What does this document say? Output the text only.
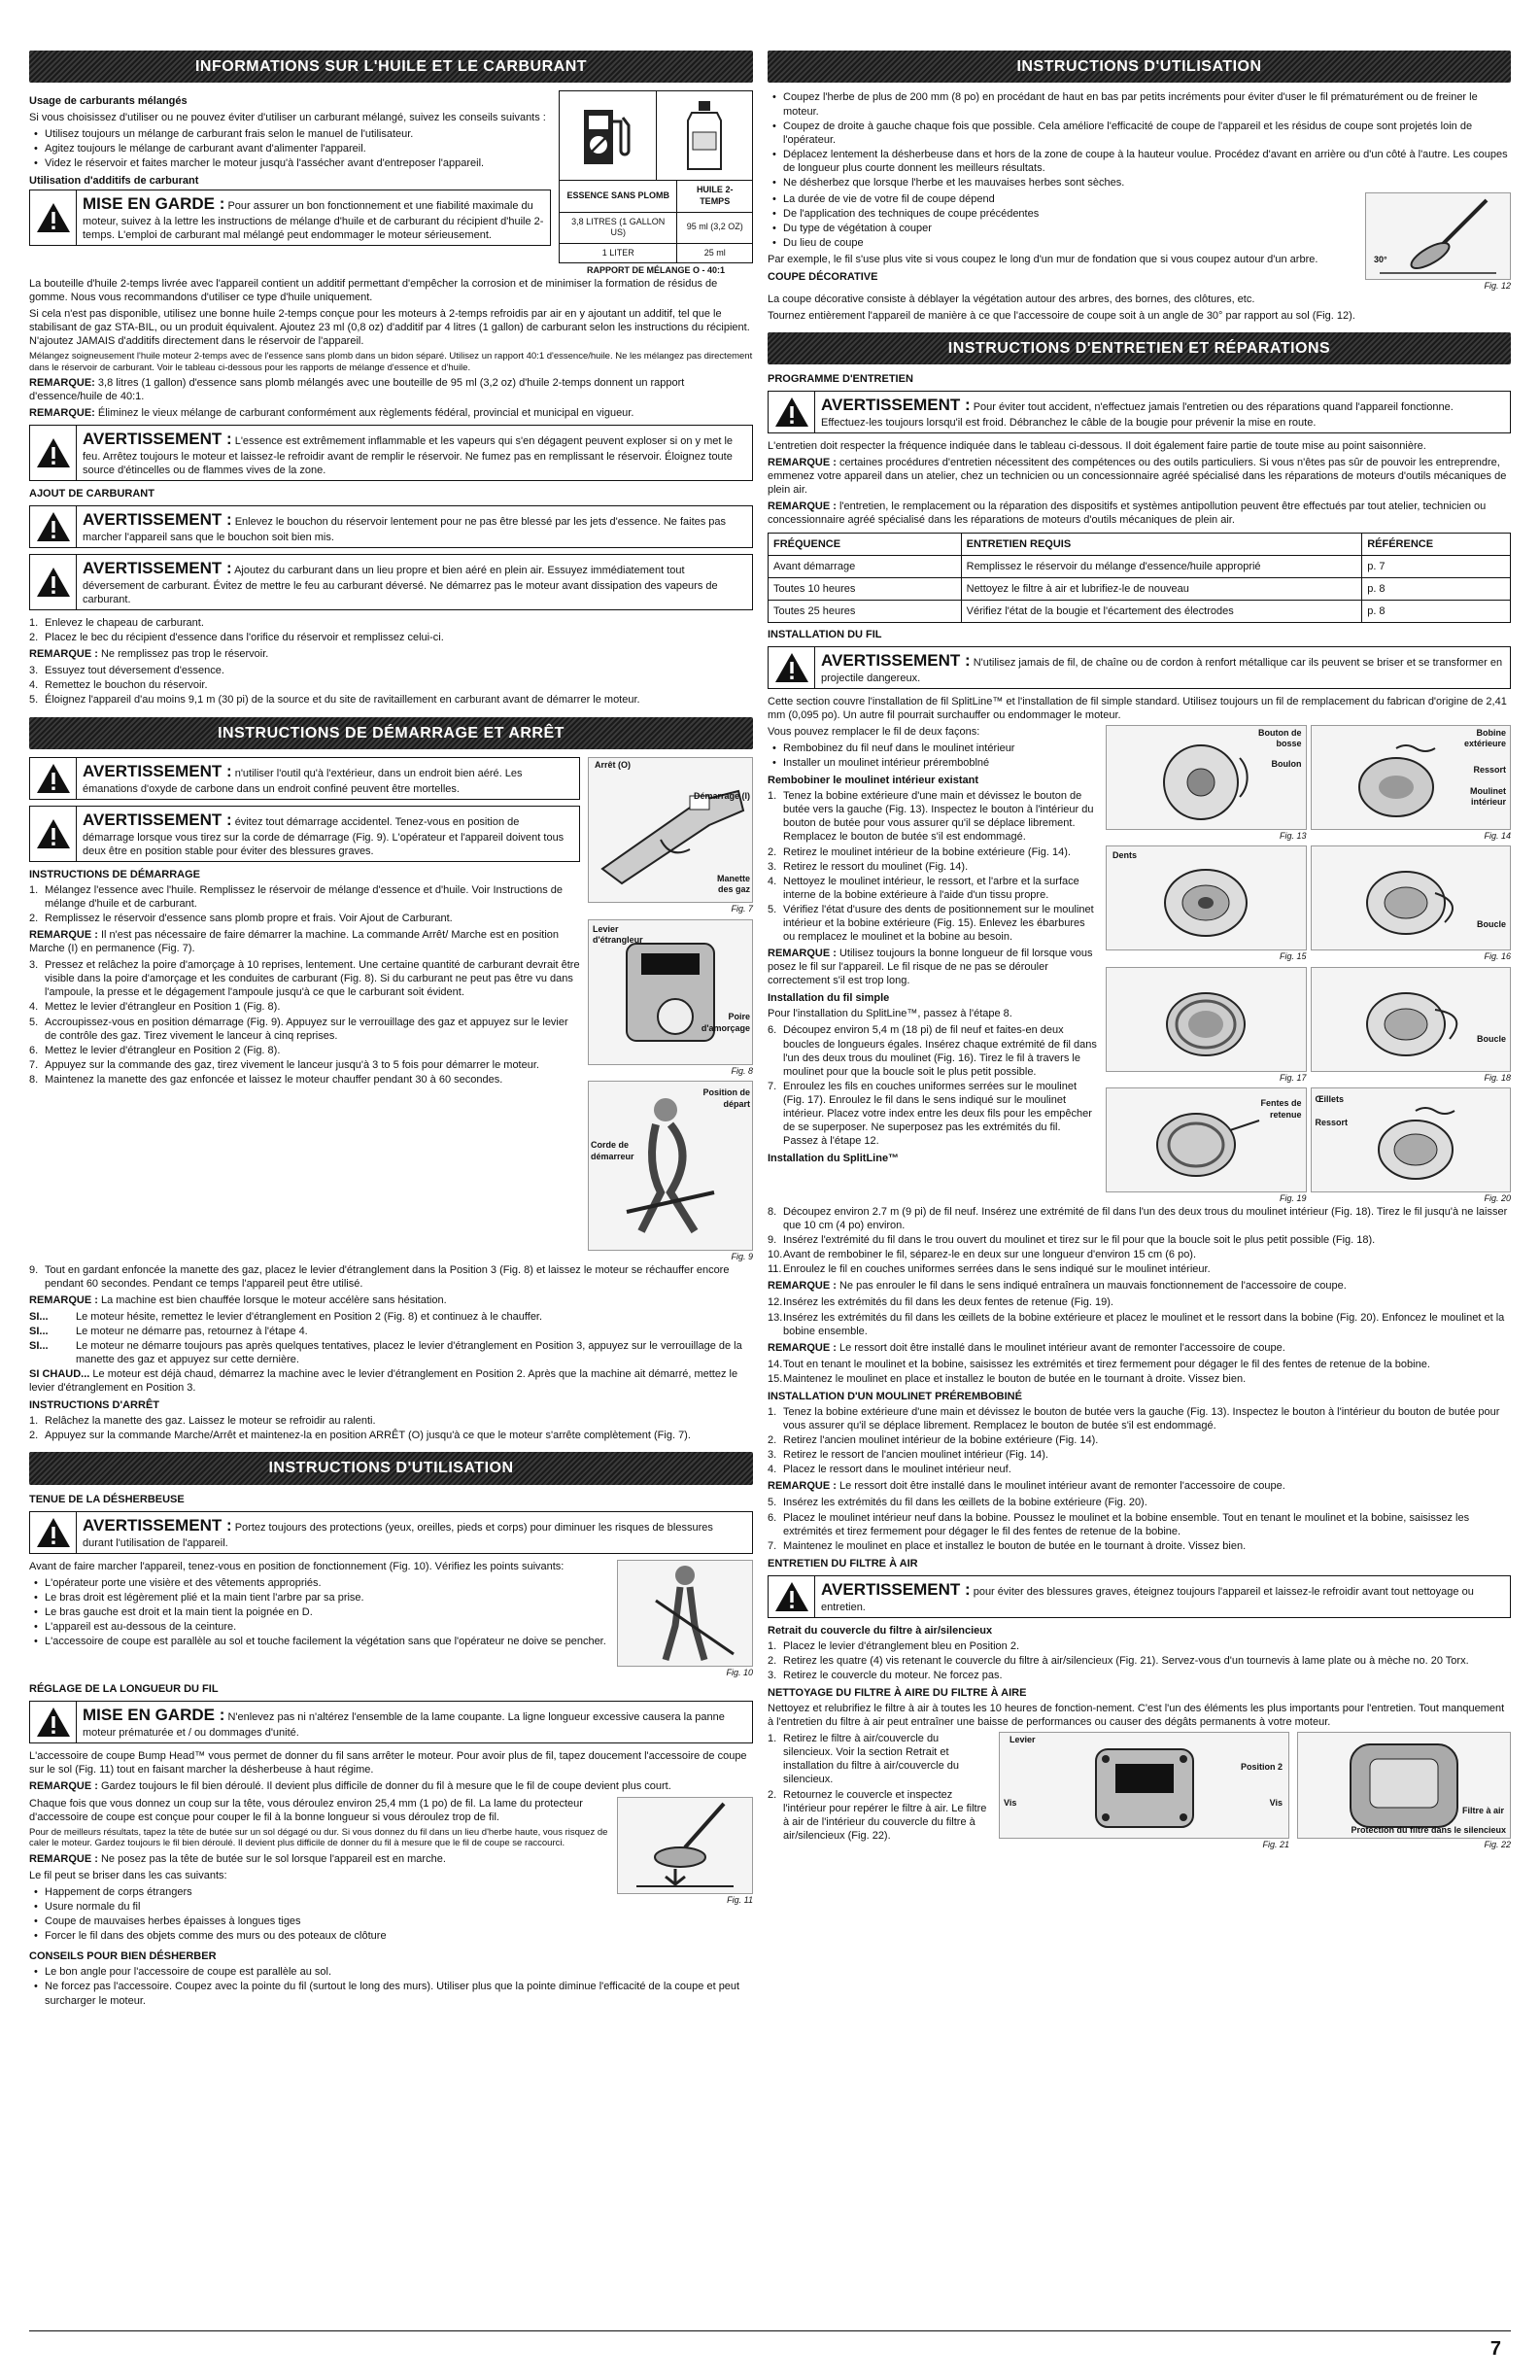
INFORMATIONS SUR L'HUILE ET LE CARBURANT
Usage de carburants mélangés

Si vous choisissez d'utiliser ou ne pouvez éviter d'utiliser un carburant mélangé, suivez les conseils suivants :

• Utilisez toujours un mélange de carburant frais selon le manuel de l'utilisateur.
• Agitez toujours le mélange de carburant avant d'alimenter l'appareil.
• Videz le réservoir et faites marcher le moteur jusqu'à l'assécher avant d'entreposer l'appareil.
Utilisation d'additifs de carburant
MISE EN GARDE : Pour assurer un bon fonctionnement et une fiabilité maximale du moteur, suivez à la lettre les instructions de mélange d'huile et de carburant du récipient d'huile 2-temps. L'emploi de carburant mal mélangé peut endommager le moteur sérieusement.
ESSENCE SANS PLOMB	HUILE 2-TEMPS
3,8 LITRES (1 GALLON US)	95 ml (3,2 OZ)
1 LITER	25 ml
RAPPORT DE MÉLANGE O - 40:1

La bouteille d'huile 2-temps livrée avec l'appareil contient un additif permettant d'empêcher la corrosion et de minimiser la formation de résidus de gomme. Nous vous recommandons d'utiliser ce type d'huile uniquement.

Si cela n'est pas disponible, utilisez une bonne huile 2-temps conçue pour les moteurs à 2-temps refroidis par air en y ajoutant un additif, tel que le stabilisant de gaz STA-BIL, ou un produit équivalent. Ajoutez 23 ml (0,8 oz) d'additif par 4 litres (1 gallon) de carburant selon les instructions du récipient. N'ajoutez JAMAIS d'additifs directement dans le réservoir de l'appareil.

Mélangez soigneusement l'huile moteur 2-temps avec de l'essence sans plomb dans un bidon séparé. Utilisez un rapport 40:1 d'essence/huile. Ne les mélangez pas directement dans le réservoir de carburant. Voir le tableau ci-dessous pour les rapports de mélange d'essence et d'huile.

REMARQUE: 3,8 litres (1 gallon) d'essence sans plomb mélangés avec une bouteille de 95 ml (3,2 oz) d'huile 2-temps donnent un rapport d'essence/huile de 40:1.

REMARQUE: Éliminez le vieux mélange de carburant conformément aux règlements fédéral, provincial et municipal en vigueur.

AVERTISSEMENT : L'essence est extrêmement inflammable et les vapeurs qui s'en dégagent peuvent exploser si on y met le feu. Arrêtez toujours le moteur et laissez-le refroidir avant de remplir le réservoir. Ne fumez pas en remplissant le réservoir. Éloignez toute source d'étincelles ou de flammes vives de la zone.
AJOUT DE CARBURANT
AVERTISSEMENT : Enlevez le bouchon du réservoir lentement pour ne pas être blessé par les jets d'essence. Ne faites pas marcher l'appareil sans que le bouchon soit bien mis.
AVERTISSEMENT : Ajoutez du carburant dans un lieu propre et bien aéré en plein air. Essuyez immédiatement tout déversement de carburant. Évitez de mettre le feu au carburant déversé. Ne démarrez pas le moteur avant dissipation des vapeurs de carburant.
1. Enlevez le chapeau de carburant.
2. Placez le bec du récipient d'essence dans l'orifice du réservoir et remplissez celui-ci.

REMARQUE : Ne remplissez pas trop le réservoir.

3. Essuyez tout déversement d'essence.
4. Remettez le bouchon du réservoir.
5. Éloignez l'appareil d'au moins 9,1 m (30 pi) de la source et du site de ravitaillement en carburant avant de démarrer le moteur.
INSTRUCTIONS DE DÉMARRAGE ET ARRÊT
AVERTISSEMENT : n'utiliser l'outil qu'à l'extérieur, dans un endroit bien aéré. Les émanations d'oxyde de carbone dans un endroit confiné peuvent être mortelles.
AVERTISSEMENT : évitez tout démarrage accidentel. Tenez-vous en position de démarrage lorsque vous tirez sur la corde de démarrage (Fig. 9). L'opérateur et l'appareil doivent tous deux être en position stable pour éviter des blessures graves.
INSTRUCTIONS DE DÉMARRAGE
1. Mélangez l'essence avec l'huile. Remplissez le réservoir de mélange d'essence et d'huile. Voir Instructions de mélange d'huile et de carburant.
2. Remplissez le réservoir d'essence sans plomb propre et frais. Voir Ajout de Carburant.

REMARQUE : Il n'est pas nécessaire de faire démarrer la machine. La commande Arrêt/ Marche est en position Marche (I) en permanence (Fig. 7).

3. Pressez et relâchez la poire d'amorçage à 10 reprises, lentement. Une certaine quantité de carburant devrait être visible dans la poire d'amorçage et les conduites de carburant (Fig. 8). Si du carburant ne peut pas être vu dans l'ampoule, la presse et le dégagement l'ampoule jusqu'à ce que le carburant soit évident.
4. Mettez le levier d'étrangleur en Position 1 (Fig. 8).
5. Accroupissez-vous en position démarrage (Fig. 9). Appuyez sur le verrouillage des gaz et appuyez sur le levier de contrôle des gaz. Tirez vivement le lanceur à cinq reprises.
6. Mettez le levier d'étrangleur en Position 2 (Fig. 8).
7. Appuyez sur la commande des gaz, tirez vivement le lanceur jusqu'à 3 to 5 fois pour démarrer le moteur.
8. Maintenez la manette des gaz enfoncée et laissez le moteur chauffer pendant 30 à 60 secondes.
Arrêt (O)
Démarrage (I)
Manette des gaz
Fig. 7
Levier d'étrangleur
Poire d'amorçage
Fig. 8
Position de départ
Corde de démarreur
Fig. 9
9. Tout en gardant enfoncée la manette des gaz, placez le levier d'étranglement dans la Position 3 (Fig. 8) et laissez le moteur se réchauffer encore pendant 60 secondes. Pendant ce temps l'appareil peut être utilisé.

REMARQUE : La machine est bien chauffée lorsque le moteur accélère sans hésitation.

SI...	Le moteur hésite, remettez le levier d'étranglement en Position 2 (Fig. 8) et continuez à le chauffer.
SI...	Le moteur ne démarre pas, retournez à l'étape 4.
SI...	Le moteur ne démarre toujours pas après quelques tentatives, placez le levier d'étranglement en Position 3, appuyez sur le verrouillage de la manette des gaz et appuyez sur cette dernière.

SI CHAUD... Le moteur est déjà chaud, démarrez la machine avec le levier d'étranglement en Position 2. Après que la machine ait démarré, mettez le levier d'étranglement en Position 3.

INSTRUCTIONS D'ARRÊT
1. Relâchez la manette des gaz. Laissez le moteur se refroidir au ralenti.
2. Appuyez sur la commande Marche/Arrêt et maintenez-la en position ARRÊT (O) jusqu'à ce que le moteur s'arrête complètement (Fig. 7).
INSTRUCTIONS D'UTILISATION
TENUE DE LA DÉSHERBEUSE
AVERTISSEMENT : Portez toujours des protections (yeux, oreilles, pieds et corps) pour diminuer les risques de blessures durant l'utilisation de l'appareil.

Avant de faire marcher l'appareil, tenez-vous en position de fonctionnement (Fig. 10). Vérifiez les points suivants:

• L'opérateur porte une visière et des vêtements appropriés.
• Le bras droit est légèrement plié et la main tient l'arbre par sa prise.
• Le bras gauche est droit et la main tient la poignée en D.
• L'appareil est au-dessous de la ceinture.
• L'accessoire de coupe est parallèle au sol et touche facilement la végétation sans que l'opérateur ne doive se pencher.
Fig. 10
RÉGLAGE DE LA LONGUEUR DU FIL
MISE EN GARDE : N'enlevez pas ni n'altérez l'ensemble de la lame coupante. La ligne longueur excessive causera la panne moteur prématurée et / ou dommages d'unité.

L'accessoire de coupe Bump Head™ vous permet de donner du fil sans arrêter le moteur. Pour avoir plus de fil, tapez doucement l'accessoire de coupe sur le sol (Fig. 11) tout en faisant marcher la désherbeuse à haut régime.

REMARQUE : Gardez toujours le fil bien déroulé. Il devient plus difficile de donner du fil à mesure que le fil de coupe devient plus court.

Chaque fois que vous donnez un coup sur la tête, vous déroulez environ 25,4 mm (1 po) de fil. La lame du protecteur d'accessoire de coupe est conçue pour couper le fil à la bonne longueur si vous déroulez trop de fil.

Pour de meilleurs résultats, tapez la tête de butée sur un sol dégagé ou dur. Si vous donnez du fil dans un lieu d'herbe haute, vous risquez de caler le moteur. Gardez toujours le fil bien déroulé. Il devient plus difficile de donner du fil à mesure que le fil de coupe se raccourci.

REMARQUE : Ne posez pas la tête de butée sur le sol lorsque l'appareil est en marche.

Le fil peut se briser dans les cas suivants:

• Happement de corps étrangers
• Usure normale du fil
• Coupe de mauvaises herbes épaisses à longues tiges
• Forcer le fil dans des objets comme des murs ou des poteaux de clôture
Fig. 11
CONSEILS POUR BIEN DÉSHERBER
• Le bon angle pour l'accessoire de coupe est parallèle au sol.
• Ne forcez pas l'accessoire. Coupez avec la pointe du fil (surtout le long des murs). Utiliser plus que la pointe diminue l'efficacité de la coupe et peut surcharger le moteur.
INSTRUCTIONS D'UTILISATION
• Coupez l'herbe de plus de 200 mm (8 po) en procédant de haut en bas par petits incréments pour éviter d'user le fil prématurément ou de freiner le moteur.
• Coupez de droite à gauche chaque fois que possible. Cela améliore l'efficacité de coupe de l'appareil et les résidus de coupe sont projetés loin de l'opérateur.
• Déplacez lentement la désherbeuse dans et hors de la zone de coupe à la hauteur voulue. Procédez d'avant en arrière ou d'un côté à l'autre. Les coupes de longueur plus courte donnent les meilleurs résultats.
• Ne désherbez que lorsque l'herbe et les mauvaises herbes sont sèches.
• La durée de vie de votre fil de coupe dépend
• De l'application des techniques de coupe précédentes
• Du type de végétation à couper
• Du lieu de coupe

Par exemple, le fil s'use plus vite si vous coupez le long d'un mur de fondation que si vous coupez autour d'un arbre.

COUPE DÉCORATIVE
30°
Fig. 12

La coupe décorative consiste à déblayer la végétation autour des arbres, des bornes, des clôtures, etc.

Tournez entièrement l'appareil de manière à ce que l'accessoire de coupe soit à un angle de 30° par rapport au sol (Fig. 12).

INSTRUCTIONS D'ENTRETIEN ET RÉPARATIONS
PROGRAMME D'ENTRETIEN
AVERTISSEMENT : Pour éviter tout accident, n'effectuez jamais l'entretien ou des réparations quand l'appareil fonctionne. Effectuez-les toujours lorsqu'il est froid. Débranchez le câble de la bougie pour prévenir la mise en route.

L'entretien doit respecter la fréquence indiquée dans le tableau ci-dessous. Il doit également faire partie de toute mise au point saisonnière.

REMARQUE : certaines procédures d'entretien nécessitent des compétences ou des outils particuliers. Si vous n'êtes pas sûr de pouvoir les entreprendre, emmenez votre appareil dans un atelier, chez un technicien ou un concessionnaire agréé spécialisé dans les réparations de moteurs d'outils mécaniques de plein air.

REMARQUE : l'entretien, le remplacement ou la réparation des dispositifs et systèmes antipollution peuvent être effectués par tout atelier, technicien ou concessionnaire agréé spécialisé dans les réparations de moteurs d'outils mécaniques de plein air.

FRÉQUENCE	ENTRETIEN REQUIS	RÉFÉRENCE
Avant démarrage	Remplissez le réservoir du mélange d'essence/huile approprié	p. 7
Toutes 10 heures	Nettoyez le filtre à air et lubrifiez-le de nouveau	p. 8
Toutes 25 heures	Vérifiez l'état de la bougie et l'écartement des électrodes	p. 8
INSTALLATION DU FIL
AVERTISSEMENT : N'utilisez jamais de fil, de chaîne ou de cordon à renfort métallique car ils peuvent se briser et se transformer en projectile dangereux.

Cette section couvre l'installation de fil SplitLine™ et l'installation de fil simple standard. Utilisez toujours un fil de remplacement du fabrican d'origine de 2,41 mm (0,095 po). Un autre fil pourrait surchauffer ou endommager le moteur.

Vous pouvez remplacer le fil de deux façons:

• Rembobinez du fil neuf dans le moulinet intérieur
• Installer un moulinet intérieur préremboblné
Rembobiner le moulinet intérieur existant
1. Tenez la bobine extérieure d'une main et dévissez le bouton de butée vers la gauche (Fig. 13). Inspectez le bouton à l'intérieur du bouton de butée pour vous assurer qu'il se déplace librement. Remplacez le bouton de butée s'il est endommagé.
2. Retirez le moulinet intérieur de la bobine extérieure (Fig. 14).
3. Retirez le ressort du moulinet (Fig. 14).
4. Nettoyez le moulinet intérieur, le ressort, et l'arbre et la surface interne de la bobine extérieure à l'aide d'un tissu propre.
5. Vérifiez l'état d'usure des dents de positionnement sur le moulinet intérieur et la bobine extérieure (Fig. 15). Enlevez les ébarbures ou remplacez le moulinet et la bobine au besoin.

REMARQUE : Utilisez toujours la bonne longueur de fil lorsque vous posez le fil sur l'appareil. Le fil risque de ne pas se dérouler correctement s'il est trop long.

Installation du fil simple

Pour l'installation du SplitLine™, passez à l'étape 8.

6. Découpez environ 5,4 m (18 pi) de fil neuf et faites-en deux boucles de longueurs égales. Insérez chaque extrémité de fil dans l'un des deux trous du moulinet (Fig. 16). Tirez le fil à travers le moulinet pour que la boucle soit le plus petit possible.
7. Enroulez les fils en couches uniformes serrées sur le moulinet (Fig. 17). Enroulez le fil dans le sens indiqué sur le moulinet intérieur. Placez votre index entre les deux fils pour les empêcher de se superposer. Ne superposez pas les extrémités du fil. Passez à l'étape 12.
Installation du SplitLine™
Bouton de bosse
Boulon
Fig. 13
Bobine extérieure
Ressort
Moulinet intérieur
Fig. 14
Dents
Fig. 15
Boucle
Fig. 16
Fig. 17
Boucle
Fig. 18
Fentes de retenue
Fig. 19
Œillets
Ressort
Fig. 20
8. Découpez environ 2.7 m (9 pi) de fil neuf. Insérez une extrémité de fil dans l'un des deux trous du moulinet intérieur (Fig. 18). Tirez le fil jusqu'à ne laisser que 10 cm (4 po) environ.
9. Insérez l'extrémité du fil dans le trou ouvert du moulinet et tirez sur le fil pour que la boucle soit le plus petit possible (Fig. 18).
10. Avant de rembobiner le fil, séparez-le en deux sur une longueur d'environ 15 cm (6 po).
11. Enroulez le fil en couches uniformes serrées dans le sens indiqué sur le moulinet intérieur.

REMARQUE : Ne pas enrouler le fil dans le sens indiqué entraînera un mauvais fonctionnement de l'accessoire de coupe.

12. Insérez les extrémités du fil dans les deux fentes de retenue (Fig. 19).
13. Insérez les extrémités du fil dans les œillets de la bobine extérieure et placez le moulinet et le ressort dans la bobine (Fig. 20). Enfoncez le moulinet et la bobine ensemble.

REMARQUE : Le ressort doit être installé dans le moulinet intérieur avant de remonter l'accessoire de coupe.

14. Tout en tenant le moulinet et la bobine, saisissez les extrémités et tirez fermement pour dégager le fil des fentes de retenue de la bobine.
15. Maintenez le moulinet en place et installez le bouton de butée en le tournant à droite. Vissez bien.
INSTALLATION D'UN MOULINET PRÉREMBOBINÉ
1. Tenez la bobine extérieure d'une main et dévissez le bouton de butée vers la gauche (Fig. 13). Inspectez le bouton à l'intérieur du bouton de butée pour vous assurer qu'il se déplace librement. Remplacez le bouton de butée s'il est endommagé.
2. Retirez l'ancien moulinet intérieur de la bobine extérieure (Fig. 14).
3. Retirez le ressort de l'ancien moulinet intérieur (Fig. 14).
4. Placez le ressort dans le moulinet intérieur neuf.

REMARQUE : Le ressort doit être installé dans le moulinet intérieur avant de remonter l'accessoire de coupe.

5. Insérez les extrémités du fil dans les œillets de la bobine extérieure (Fig. 20).
6. Placez le moulinet intérieur neuf dans la bobine. Poussez le moulinet et la bobine ensemble. Tout en tenant le moulinet et la bobine, saisissez les extrémités et tirez fermement pour dégager le fil des fentes de retenue de la bobine.
7. Maintenez le moulinet en place et installez le bouton de butée en le tournant à droite. Vissez bien.
ENTRETIEN DU FILTRE À AIR
AVERTISSEMENT : pour éviter des blessures graves, éteignez toujours l'appareil et laissez-le refroidir avant tout nettoyage ou entretien.
Retrait du couvercle du filtre à air/silencieux
1. Placez le levier d'étranglement bleu en Position 2.
2. Retirez les quatre (4) vis retenant le couvercle du filtre à air/silencieux (Fig. 21). Servez-vous d'un tournevis à lame plate ou à mèche no. 20 Torx.
3. Retirez le couvercle du moteur. Ne forcez pas.
NETTOYAGE DU FILTRE À AIRE DU FILTRE À AIRE

Nettoyez et relubrifiez le filtre à air à toutes les 10 heures de fonction-nement. C'est l'un des éléments les plus importants pour l'entretien. Tout manquement à l'entretien du filtre à air peut entraîner une baisse de performances ou causer des dégâts permanents à votre moteur.

1. Retirez le filtre à air/couvercle du silencieux. Voir la section Retrait et installation du filtre à air/couvercle du silencieux.
2. Retournez le couvercle et inspectez l'intérieur pour repérer le filtre à air. Le filtre à air de l'intérieur du couvercle du filtre à air/silencieux (Fig. 22).
Levier
Position 2
Vis	Vis
Fig. 21
Filtre à air
Protection du filtre dans le silencieux
Fig. 22
7
